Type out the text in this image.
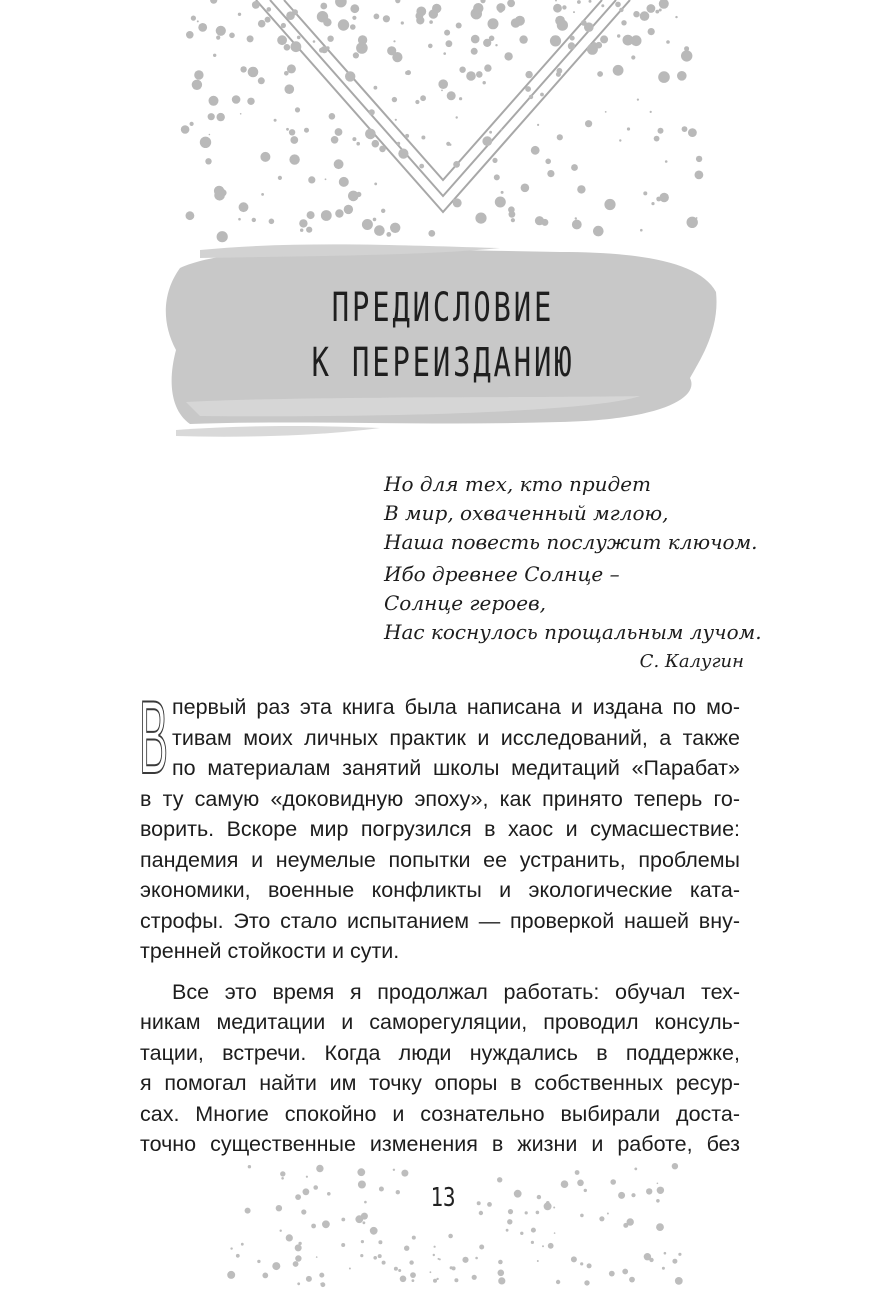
ПРЕДИСЛОВИЕ
К ПЕРЕИЗДАНИЮ
Но для тех, кто придет
В мир, охваченный мглою,
Наша повесть послужит ключом.
Ибо древнее Солнце –
Солнце героев,
Нас коснулось прощальным лучом.
С. Калугин
В первый раз эта книга была написана и издана по мо-
тивам моих личных практик и исследований, а также
по материалам занятий школы медитаций «Парабат»
в ту самую «доковидную эпоху», как принято теперь го-
ворить. Вскоре мир погрузился в хаос и сумасшествие:
пандемия и неумелые попытки ее устранить, проблемы
экономики, военные конфликты и экологические ката-
строфы. Это стало испытанием — проверкой нашей вну-
тренней стойкости и сути.
Все это время я продолжал работать: обучал тех-
никам медитации и саморегуляции, проводил консуль-
тации, встречи. Когда люди нуждались в поддержке,
я помогал найти им точку опоры в собственных ресур-
сах. Многие спокойно и сознательно выбирали доста-
точно существенные изменения в жизни и работе, без
13
